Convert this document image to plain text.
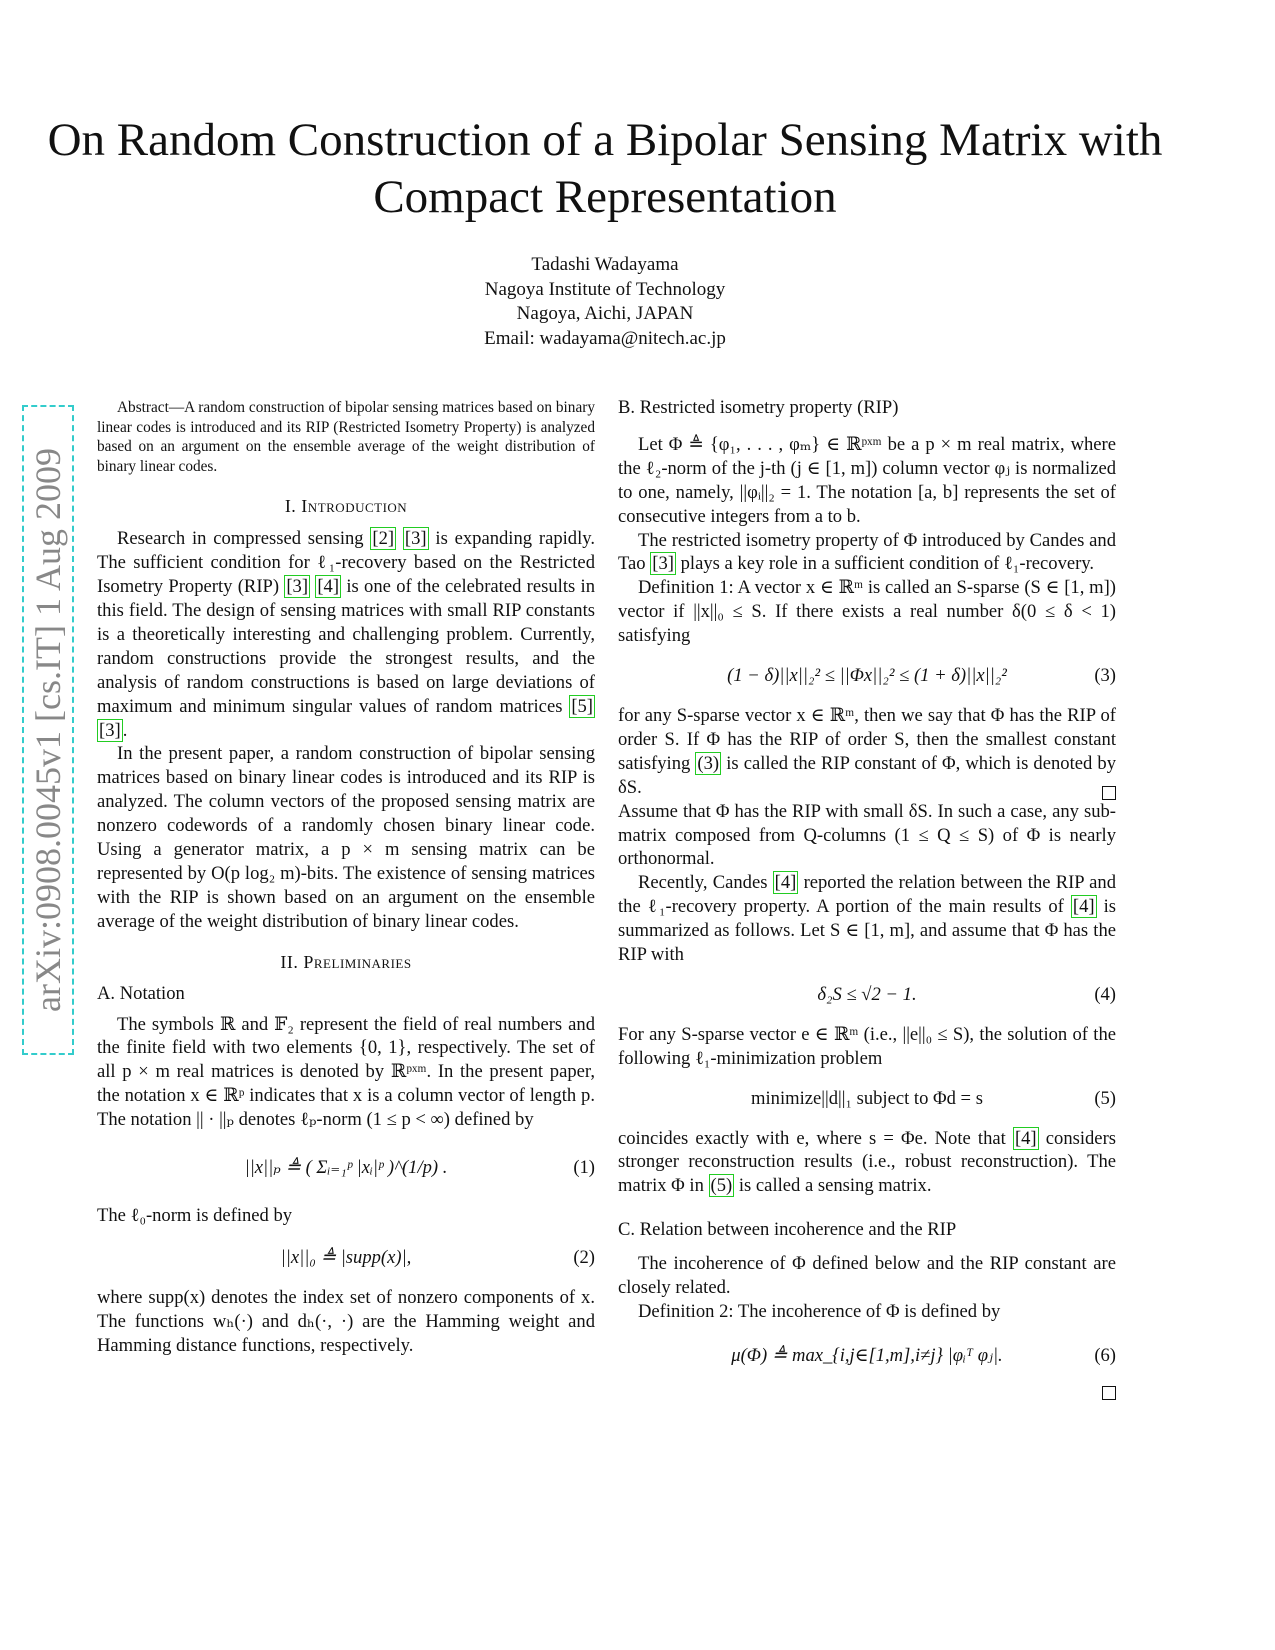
On Random Construction of a Bipolar Sensing Matrix with Compact Representation
Tadashi Wadayama
Nagoya Institute of Technology
Nagoya, Aichi, JAPAN
Email: wadayama@nitech.ac.jp
arXiv:0908.0045v1 [cs.IT] 1 Aug 2009
Abstract—A random construction of bipolar sensing matrices based on binary linear codes is introduced and its RIP (Restricted Isometry Property) is analyzed based on an argument on the ensemble average of the weight distribution of binary linear codes.
I. Introduction
Research in compressed sensing [2] [3] is expanding rapidly. The sufficient condition for ℓ₁-recovery based on the Restricted Isometry Property (RIP) [3] [4] is one of the celebrated results in this field. The design of sensing matrices with small RIP constants is a theoretically interesting and challenging problem. Currently, random constructions provide the strongest results, and the analysis of random constructions is based on large deviations of maximum and minimum singular values of random matrices [5] [3] .
In the present paper, a random construction of bipolar sensing matrices based on binary linear codes is introduced and its RIP is analyzed. The column vectors of the proposed sensing matrix are nonzero codewords of a randomly chosen binary linear code. Using a generator matrix, a p × m sensing matrix can be represented by O(p log₂ m)-bits. The existence of sensing matrices with the RIP is shown based on an argument on the ensemble average of the weight distribution of binary linear codes.
II. Preliminaries
A. Notation
The symbols ℝ and 𝔽₂ represent the field of real numbers and the finite field with two elements {0, 1}, respectively. The set of all p × m real matrices is denoted by ℝᵖˣᵐ. In the present paper, the notation x ∈ ℝᵖ indicates that x is a column vector of length p. The notation || · ||ₚ denotes ℓₚ-norm (1 ≤ p < ∞) defined by
||x||ₚ ≜ ( Σᵢ₌₁ᵖ |xᵢ|ᵖ )^(1/p) .	(1)
The ℓ₀-norm is defined by
||x||₀ ≜ |supp(x)|,	(2)
where supp(x) denotes the index set of nonzero components of x. The functions wₕ(·) and dₕ(·, ·) are the Hamming weight and Hamming distance functions, respectively.
B. Restricted isometry property (RIP)
Let Φ ≜ {φ₁, . . . , φₘ} ∈ ℝᵖˣᵐ be a p × m real matrix, where the ℓ₂-norm of the j-th (j ∈ [1, m]) column vector φⱼ is normalized to one, namely, ||φᵢ||₂ = 1. The notation [a, b] represents the set of consecutive integers from a to b.
The restricted isometry property of Φ introduced by Candes and Tao [3] plays a key role in a sufficient condition of ℓ₁-recovery.
Definition 1: A vector x ∈ ℝᵐ is called an S-sparse (S ∈ [1, m]) vector if ||x||₀ ≤ S. If there exists a real number δ(0 ≤ δ < 1) satisfying
(1 − δ)||x||₂² ≤ ||Φx||₂² ≤ (1 + δ)||x||₂²	(3)
for any S-sparse vector x ∈ ℝᵐ, then we say that Φ has the RIP of order S. If Φ has the RIP of order S, then the smallest constant satisfying (3) is called the RIP constant of Φ, which is denoted by δS.
Assume that Φ has the RIP with small δS. In such a case, any sub-matrix composed from Q-columns (1 ≤ Q ≤ S) of Φ is nearly orthonormal.
Recently, Candes [4] reported the relation between the RIP and the ℓ₁-recovery property. A portion of the main results of [4] is summarized as follows. Let S ∈ [1, m], and assume that Φ has the RIP with
δ₂S ≤ √2 − 1.	(4)
For any S-sparse vector e ∈ ℝᵐ (i.e., ||e||₀ ≤ S), the solution of the following ℓ₁-minimization problem
minimize||d||₁ subject to Φd = s	(5)
coincides exactly with e, where s = Φe. Note that [4] considers stronger reconstruction results (i.e., robust reconstruction). The matrix Φ in (5) is called a sensing matrix.
C. Relation between incoherence and the RIP
The incoherence of Φ defined below and the RIP constant are closely related.
Definition 2: The incoherence of Φ is defined by
μ(Φ) ≜ max_{i,j∈[1,m],i≠j} |φᵢᵀ φⱼ|.	(6)
